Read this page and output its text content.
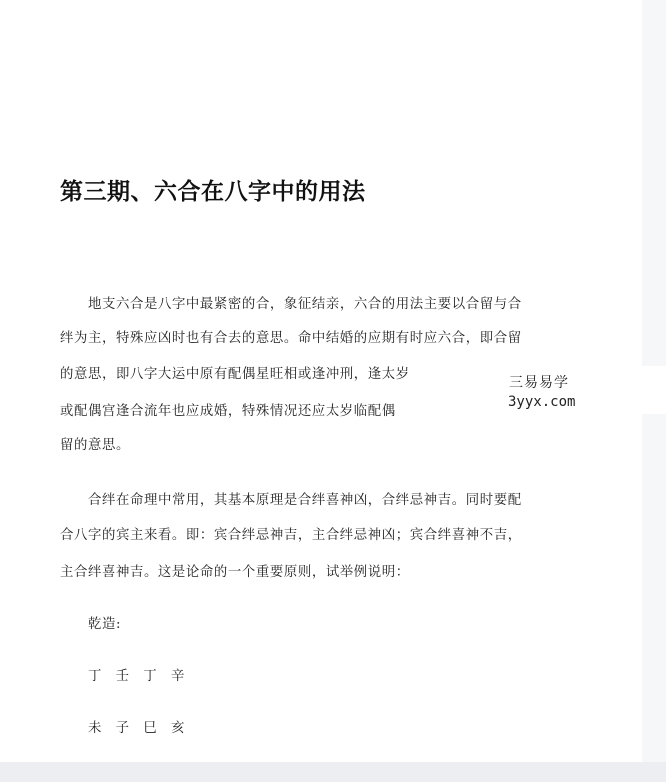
第三期、六合在八字中的用法
地支六合是八字中最紧密的合，象征结亲，六合的用法主要以合留与合
绊为主，特殊应凶时也有合去的意思。命中结婚的应期有时应六合，即合留
的意思，即八字大运中原有配偶星旺相或逢冲刑，逢太岁
或配偶宫逢合流年也应成婚，特殊情况还应太岁临配偶
留的意思。
合绊在命理中常用，其基本原理是合绊喜神凶，合绊忌神吉。同时要配
合八字的宾主来看。即：宾合绊忌神吉，主合绊忌神凶；宾合绊喜神不吉，
主合绊喜神吉。这是论命的一个重要原则，试举例说明：
乾造:
丁 壬 丁 辛
未 子 巳 亥
三易易学
3yyx.com
